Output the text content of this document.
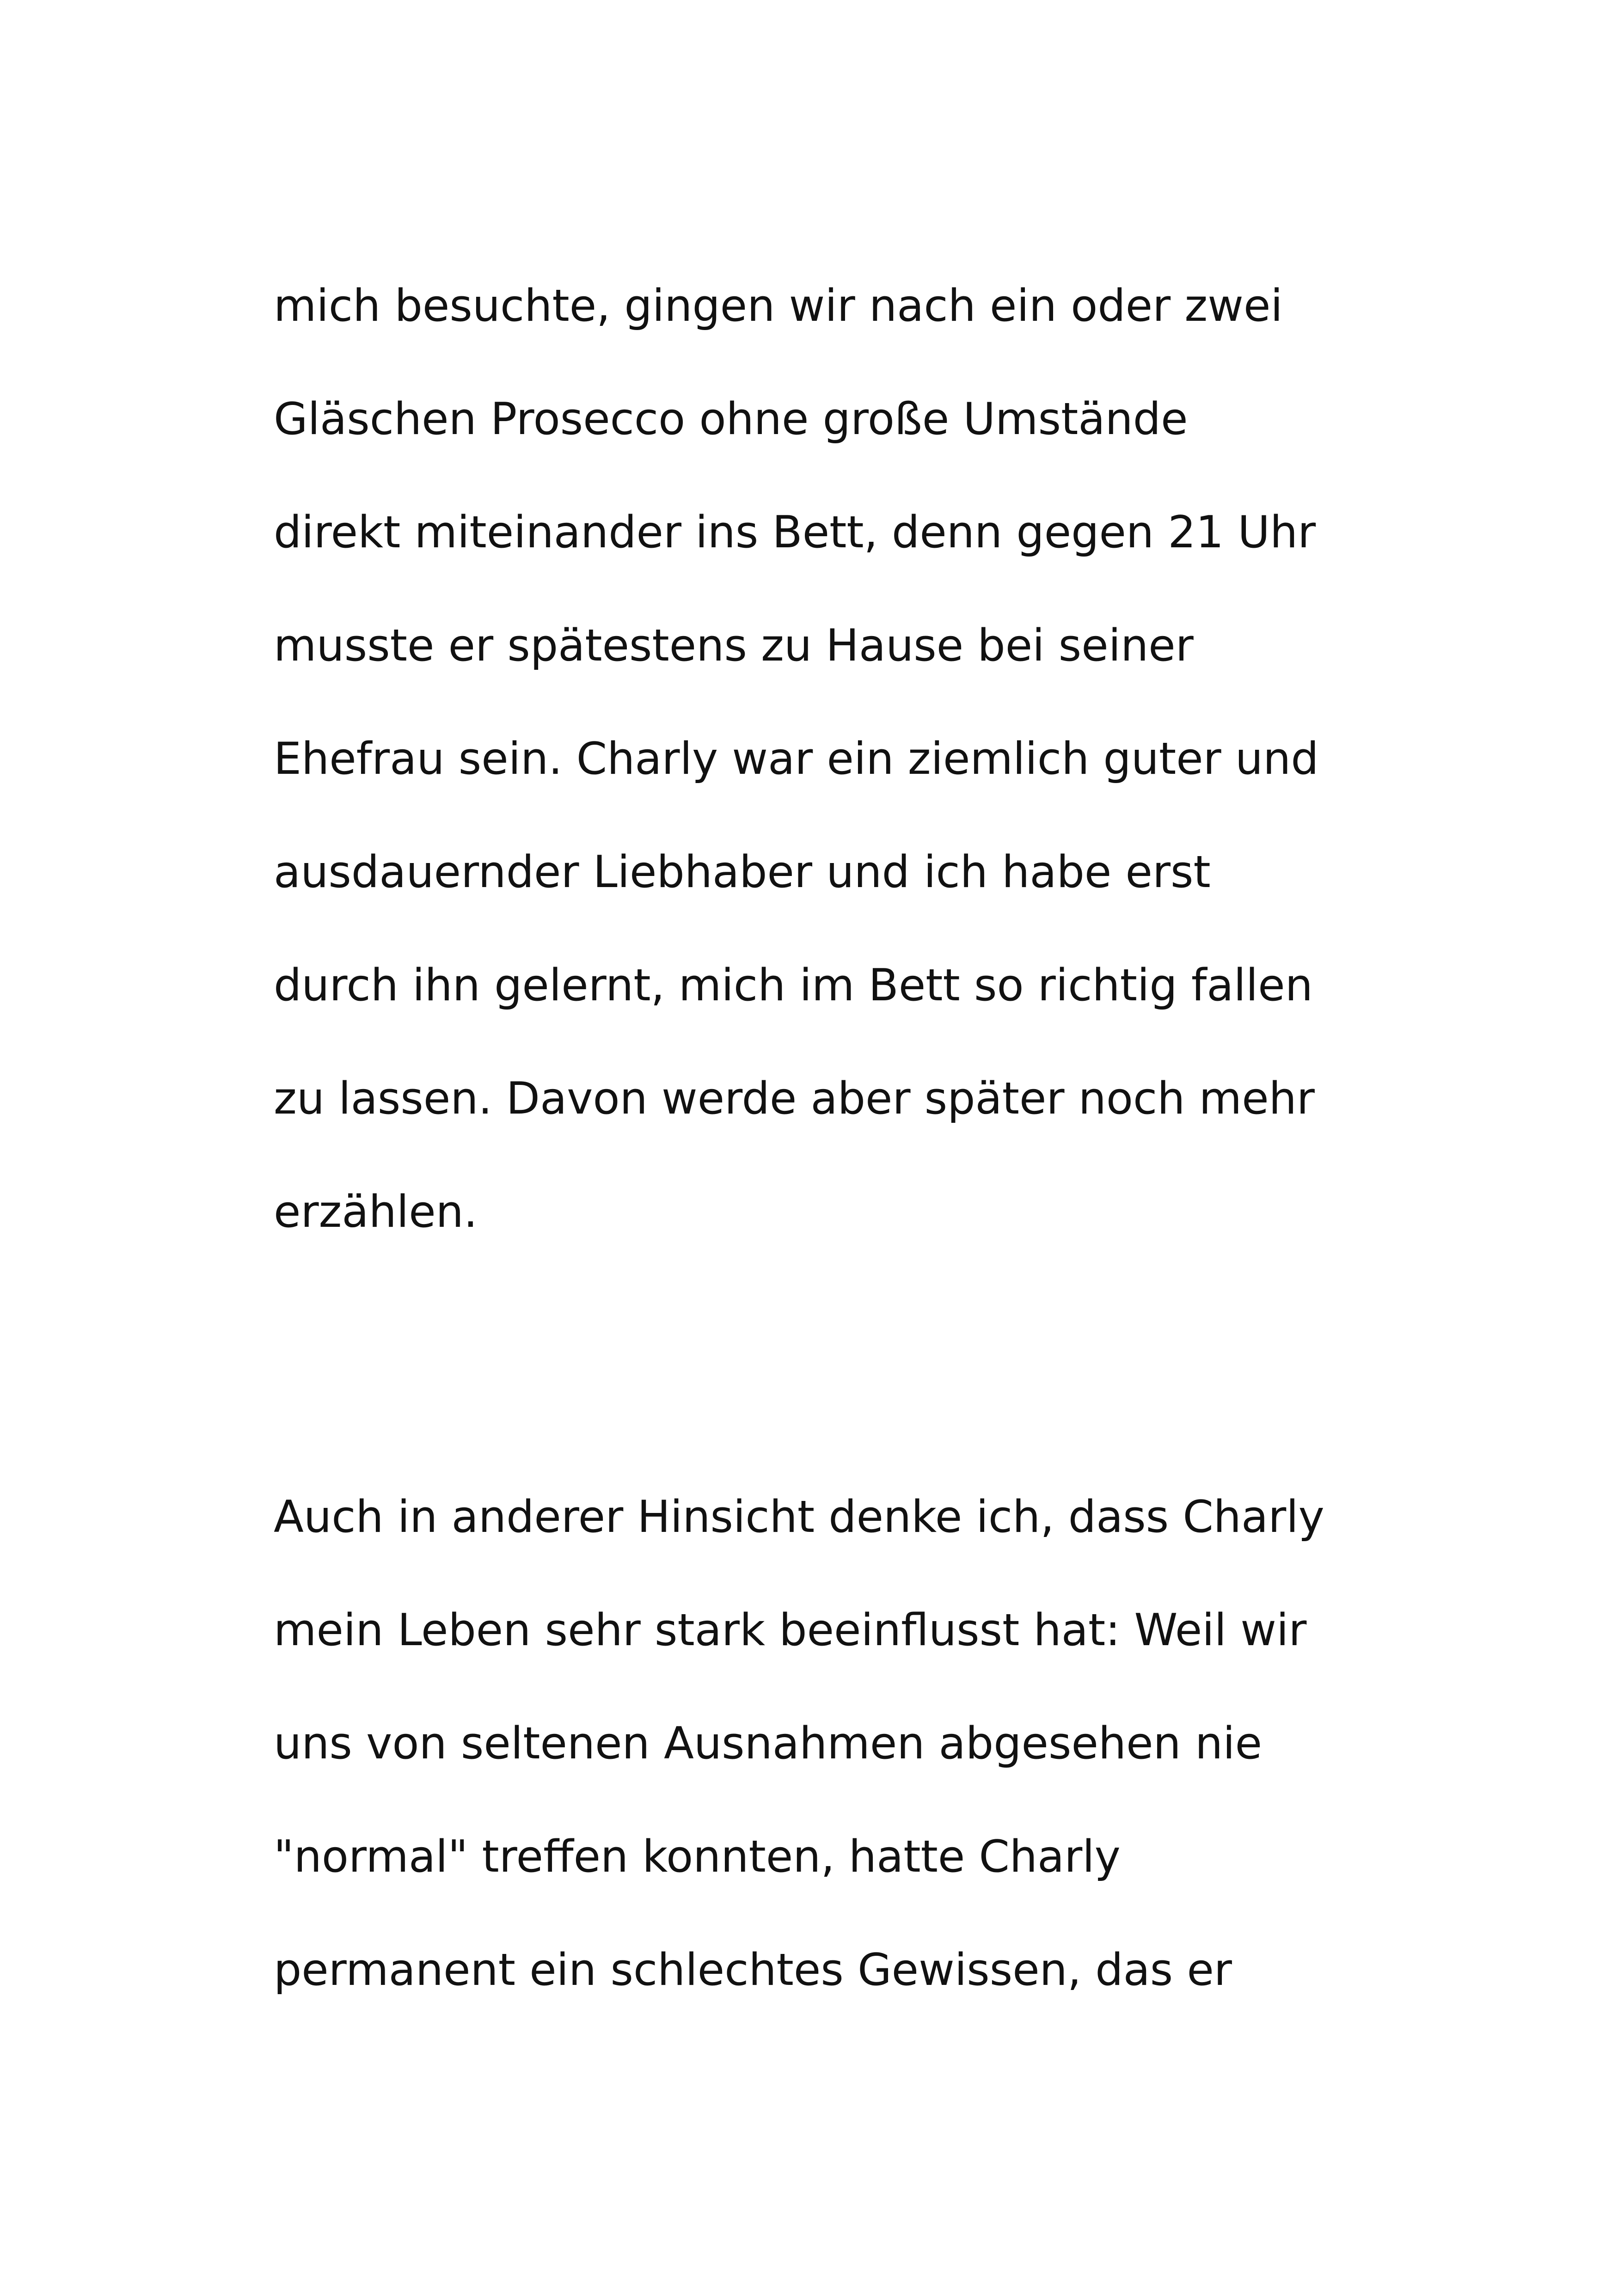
mich besuchte, gingen wir nach ein oder zwei
Gläschen Prosecco ohne große Umstände
direkt miteinander ins Bett, denn gegen 21 Uhr
musste er spätestens zu Hause bei seiner
Ehefrau sein. Charly war ein ziemlich guter und
ausdauernder Liebhaber und ich habe erst
durch ihn gelernt, mich im Bett so richtig fallen
zu lassen. Davon werde aber später noch mehr
erzählen.
Auch in anderer Hinsicht denke ich, dass Charly
mein Leben sehr stark beeinflusst hat: Weil wir
uns von seltenen Ausnahmen abgesehen nie
"normal" treffen konnten, hatte Charly
permanent ein schlechtes Gewissen, das er
